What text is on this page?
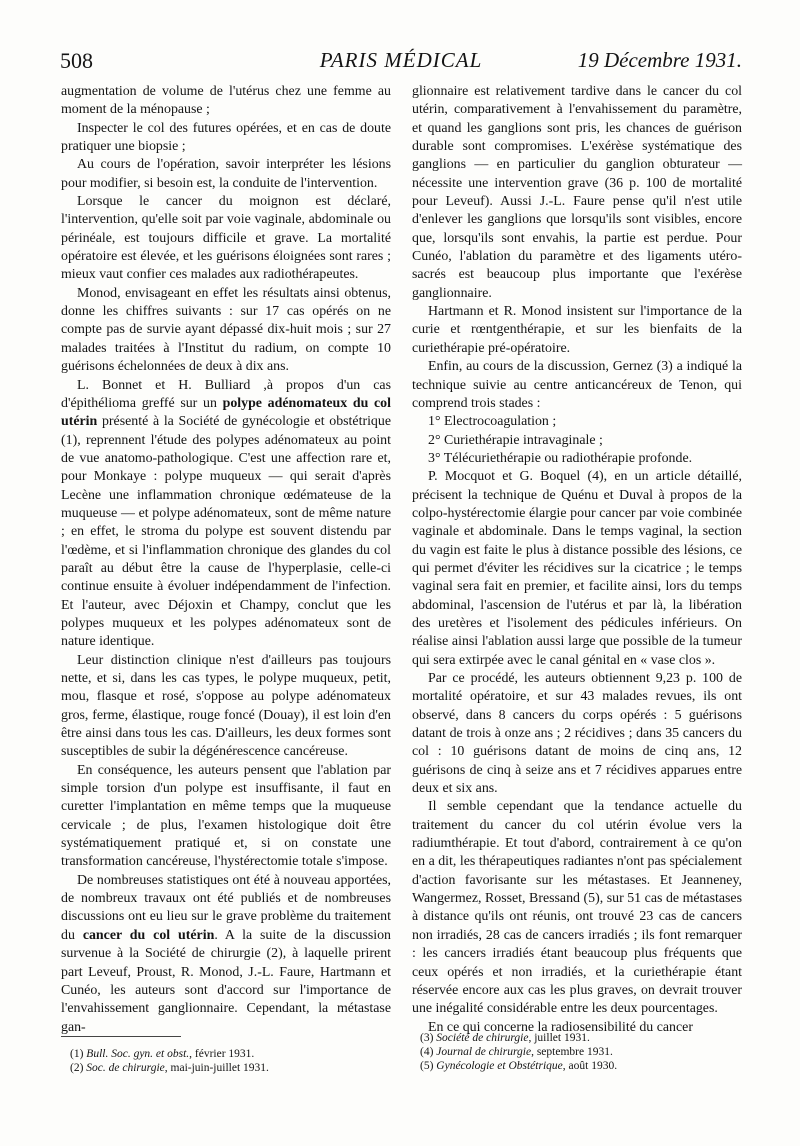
508	PARIS MÉDICAL	19 Décembre 1931.

augmentation de volume de l'utérus chez une femme au moment de la ménopause ;

Inspecter le col des futures opérées, et en cas de doute pratiquer une biopsie ;

Au cours de l'opération, savoir interpréter les lésions pour modifier, si besoin est, la conduite de l'intervention.

Lorsque le cancer du moignon est déclaré, l'intervention, qu'elle soit par voie vaginale, abdominale ou périnéale, est toujours difficile et grave. La mortalité opératoire est élevée, et les guérisons éloignées sont rares ; mieux vaut confier ces malades aux radiothérapeutes.

Monod, envisageant en effet les résultats ainsi obtenus, donne les chiffres suivants : sur 17 cas opérés on ne compte pas de survie ayant dépassé dix-huit mois ; sur 27 malades traitées à l'Institut du radium, on compte 10 guérisons échelonnées de deux à dix ans.

L. Bonnet et H. Bulliard ,à propos d'un cas d'épithélioma greffé sur un polype adénomateux du col utérin présenté à la Société de gynécologie et obstétrique (1), reprennent l'étude des polypes adénomateux au point de vue anatomo-pathologique. C'est une affection rare et, pour Monkaye : polype muqueux — qui serait d'après Lecène une inflammation chronique œdémateuse de la muqueuse — et polype adénomateux, sont de même nature ; en effet, le stroma du polype est souvent distendu par l'œdème, et si l'inflammation chronique des glandes du col paraît au début être la cause de l'hyperplasie, celle-ci continue ensuite à évoluer indépendamment de l'infection. Et l'auteur, avec Déjoxin et Champy, conclut que les polypes muqueux et les polypes adénomateux sont de nature identique.

Leur distinction clinique n'est d'ailleurs pas toujours nette, et si, dans les cas types, le polype muqueux, petit, mou, flasque et rosé, s'oppose au polype adénomateux gros, ferme, élastique, rouge foncé (Douay), il est loin d'en être ainsi dans tous les cas. D'ailleurs, les deux formes sont susceptibles de subir la dégénérescence cancéreuse.

En conséquence, les auteurs pensent que l'ablation par simple torsion d'un polype est insuffisante, il faut en curetter l'implantation en même temps que la muqueuse cervicale ; de plus, l'examen histologique doit être systématiquement pratiqué et, si on constate une transformation cancéreuse, l'hystérectomie totale s'impose.

De nombreuses statistiques ont été à nouveau apportées, de nombreux travaux ont été publiés et de nombreuses discussions ont eu lieu sur le grave problème du traitement du cancer du col utérin. A la suite de la discussion survenue à la Société de chirurgie (2), à laquelle prirent part Leveuf, Proust, R. Monod, J.-L. Faure, Hartmann et Cunéo, les auteurs sont d'accord sur l'importance de l'envahissement ganglionnaire. Cependant, la métastase gan-

glionnaire est relativement tardive dans le cancer du col utérin, comparativement à l'envahissement du paramètre, et quand les ganglions sont pris, les chances de guérison durable sont compromises. L'exérèse systématique des ganglions — en particulier du ganglion obturateur — nécessite une intervention grave (36 p. 100 de mortalité pour Leveuf). Aussi J.-L. Faure pense qu'il n'est utile d'enlever les ganglions que lorsqu'ils sont visibles, encore que, lorsqu'ils sont envahis, la partie est perdue. Pour Cunéo, l'ablation du paramètre et des ligaments utéro-sacrés est beaucoup plus importante que l'exérèse ganglionnaire.

Hartmann et R. Monod insistent sur l'importance de la curie et rœntgenthérapie, et sur les bienfaits de la curiethérapie pré-opératoire.

Enfin, au cours de la discussion, Gernez (3) a indiqué la technique suivie au centre anticancéreux de Tenon, qui comprend trois stades :

1° Electrocoagulation ;

2° Curiethérapie intravaginale ;

3° Télécuriethérapie ou radiothérapie profonde.

P. Mocquot et G. Boquel (4), en un article détaillé, précisent la technique de Quénu et Duval à propos de la colpo-hystérectomie élargie pour cancer par voie combinée vaginale et abdominale. Dans le temps vaginal, la section du vagin est faite le plus à distance possible des lésions, ce qui permet d'éviter les récidives sur la cicatrice ; le temps vaginal sera fait en premier, et facilite ainsi, lors du temps abdominal, l'ascension de l'utérus et par là, la libération des uretères et l'isolement des pédicules inférieurs. On réalise ainsi l'ablation aussi large que possible de la tumeur qui sera extirpée avec le canal génital en « vase clos ».

Par ce procédé, les auteurs obtiennent 9,23 p. 100 de mortalité opératoire, et sur 43 malades revues, ils ont observé, dans 8 cancers du corps opérés : 5 guérisons datant de trois à onze ans ; 2 récidives ; dans 35 cancers du col : 10 guérisons datant de moins de cinq ans, 12 guérisons de cinq à seize ans et 7 récidives apparues entre deux et six ans.

Il semble cependant que la tendance actuelle du traitement du cancer du col utérin évolue vers la radiumthérapie. Et tout d'abord, contrairement à ce qu'on en a dit, les thérapeutiques radiantes n'ont pas spécialement d'action favorisante sur les métastases. Et Jeanneney, Wangermez, Rosset, Bressand (5), sur 51 cas de métastases à distance qu'ils ont réunis, ont trouvé 23 cas de cancers non irradiés, 28 cas de cancers irradiés ; ils font remarquer : les cancers irradiés étant beaucoup plus fréquents que ceux opérés et non irradiés, et la curiethérapie étant réservée encore aux cas les plus graves, on devrait trouver une inégalité considérable entre les deux pourcentages.

En ce qui concerne la radiosensibilité du cancer

(1) Bull. Soc. gyn. et obst., février 1931.
(2) Soc. de chirurgie, mai-juin-juillet 1931.
(3) Société de chirurgie, juillet 1931.
(4) Journal de chirurgie, septembre 1931.
(5) Gynécologie et Obstétrique, août 1930.
